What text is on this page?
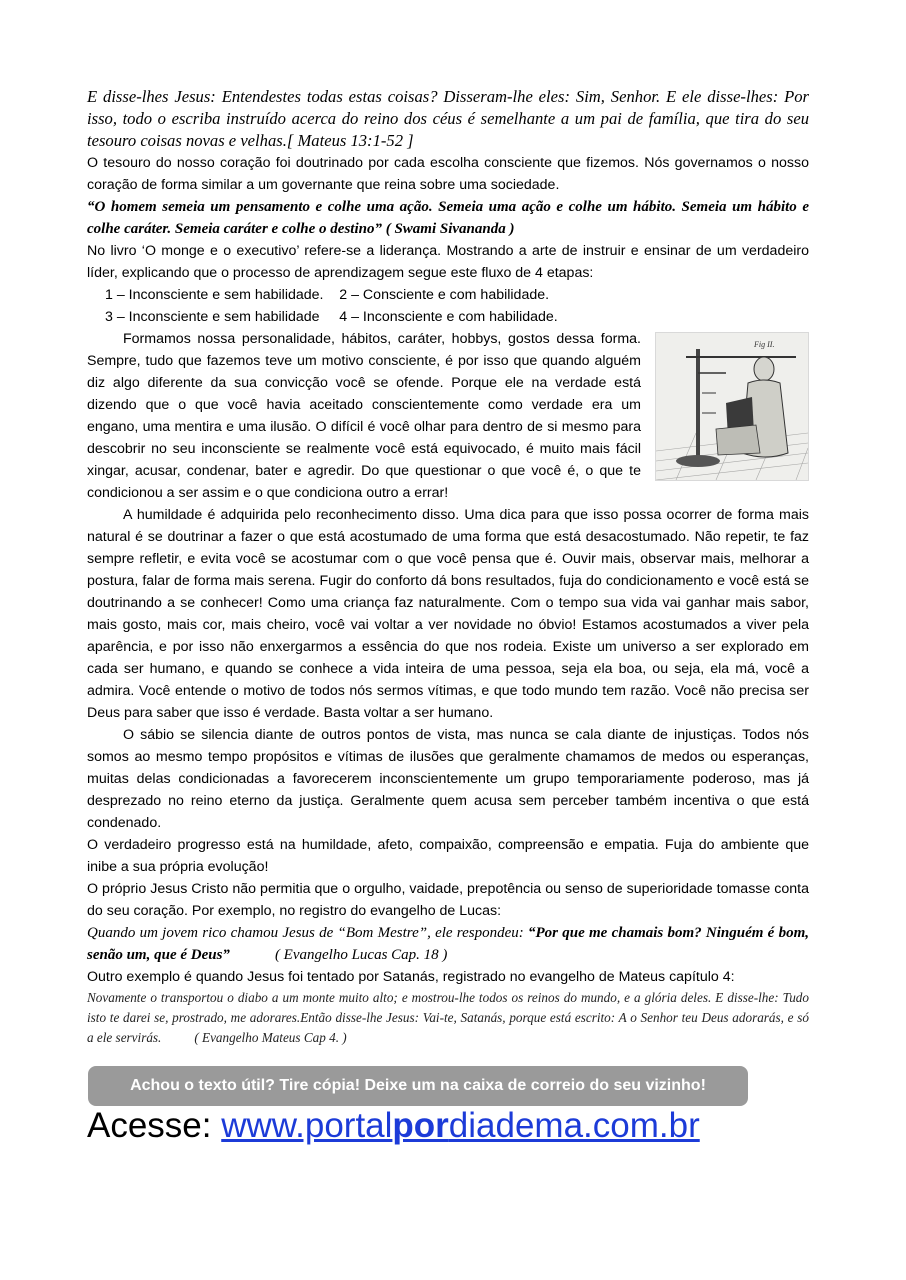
E disse-lhes Jesus: Entendestes todas estas coisas? Disseram-lhe eles: Sim, Senhor. E ele disse-lhes: Por isso, todo o escriba instruído acerca do reino dos céus é semelhante a um pai de família, que tira do seu tesouro coisas novas e velhas.[ Mateus 13:1-52 ]

O tesouro do nosso coração foi doutrinado por cada escolha consciente que fizemos. Nós governamos o nosso coração de forma similar a um governante que reina sobre uma sociedade.

“O homem semeia um pensamento e colhe uma ação. Semeia uma ação e colhe um hábito. Semeia um hábito e colhe caráter. Semeia caráter e colhe o destino” ( Swami Sivananda )

No livro ‘O monge e o executivo’ refere-se a liderança. Mostrando a arte de instruir e ensinar de um verdadeiro líder, explicando que o processo de aprendizagem segue este fluxo de 4 etapas:

1 – Inconsciente e sem habilidade. 2 – Consciente e com habilidade.
3 – Inconsciente e sem habilidade 4 – Inconsciente e com habilidade.
Fig II.

Formamos nossa personalidade, hábitos, caráter, hobbys, gostos dessa forma. Sempre, tudo que fazemos teve um motivo consciente, é por isso que quando alguém diz algo diferente da sua convicção você se ofende. Porque ele na verdade está dizendo que o que você havia aceitado conscientemente como verdade era um engano, uma mentira e uma ilusão. O difícil é você olhar para dentro de si mesmo para descobrir no seu inconsciente se realmente você está equivocado, é muito mais fácil xingar, acusar, condenar, bater e agredir. Do que questionar o que você é, o que te condicionou a ser assim e o que condiciona outro a errar!

A humildade é adquirida pelo reconhecimento disso. Uma dica para que isso possa ocorrer de forma mais natural é se doutrinar a fazer o que está acostumado de uma forma que está desacostumado. Não repetir, te faz sempre refletir, e evita você se acostumar com o que você pensa que é. Ouvir mais, observar mais, melhorar a postura, falar de forma mais serena. Fugir do conforto dá bons resultados, fuja do condicionamento e você está se doutrinando a se conhecer! Como uma criança faz naturalmente. Com o tempo sua vida vai ganhar mais sabor, mais gosto, mais cor, mais cheiro, você vai voltar a ver novidade no óbvio! Estamos acostumados a viver pela aparência, e por isso não enxergarmos a essência do que nos rodeia. Existe um universo a ser explorado em cada ser humano, e quando se conhece a vida inteira de uma pessoa, seja ela boa, ou seja, ela má, você a admira. Você entende o motivo de todos nós sermos vítimas, e que todo mundo tem razão. Você não precisa ser Deus para saber que isso é verdade. Basta voltar a ser humano.

O sábio se silencia diante de outros pontos de vista, mas nunca se cala diante de injustiças. Todos nós somos ao mesmo tempo propósitos e vítimas de ilusões que geralmente chamamos de medos ou esperanças, muitas delas condicionadas a favorecerem inconscientemente um grupo temporariamente poderoso, mas já desprezado no reino eterno da justiça. Geralmente quem acusa sem perceber também incentiva o que está condenado.

O verdadeiro progresso está na humildade, afeto, compaixão, compreensão e empatia. Fuja do ambiente que inibe a sua própria evolução!

O próprio Jesus Cristo não permitia que o orgulho, vaidade, prepotência ou senso de superioridade tomasse conta do seu coração. Por exemplo, no registro do evangelho de Lucas:

Quando um jovem rico chamou Jesus de “Bom Mestre”, ele respondeu: “Por que me chamais bom? Ninguém é bom, senão um, que é Deus”	( Evangelho Lucas Cap. 18 )

Outro exemplo é quando Jesus foi tentado por Satanás, registrado no evangelho de Mateus capítulo 4:

Novamente o transportou o diabo a um monte muito alto; e mostrou-lhe todos os reinos do mundo, e a glória deles. E disse-lhe: Tudo isto te darei se, prostrado, me adorares.Então disse-lhe Jesus: Vai-te, Satanás, porque está escrito: A o Senhor teu Deus adorarás, e só a ele servirás. ( Evangelho Mateus Cap 4. )

Achou o texto útil? Tire cópia! Deixe um na caixa de correio do seu vizinho!
Acesse: www.portalpordiadema.com.br
